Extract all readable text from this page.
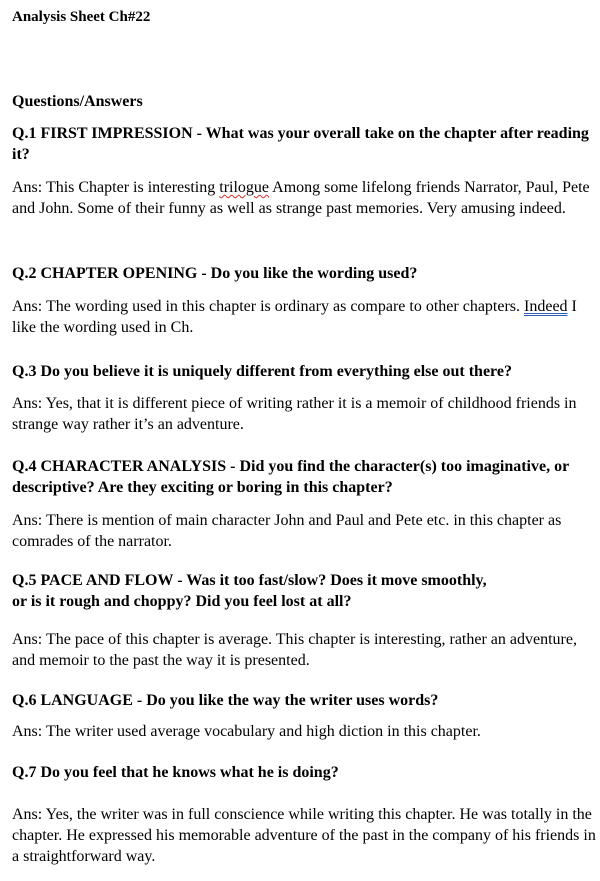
Analysis Sheet Ch#22
Questions/Answers

Q.1 FIRST IMPRESSION - What was your overall take on the chapter after reading it?

Ans: This Chapter is interesting trilogue Among some lifelong friends Narrator, Paul, Pete and John. Some of their funny as well as strange past memories. Very amusing indeed.

Q.2 CHAPTER OPENING - Do you like the wording used?

Ans: The wording used in this chapter is ordinary as compare to other chapters. Indeed I like the wording used in Ch.

Q.3 Do you believe it is uniquely different from everything else out there?

Ans: Yes, that it is different piece of writing rather it is a memoir of childhood friends in strange way rather it’s an adventure.

Q.4 CHARACTER ANALYSIS - Did you find the character(s) too imaginative, or descriptive? Are they exciting or boring in this chapter?

Ans: There is mention of main character John and Paul and Pete etc. in this chapter as comrades of the narrator.

Q.5 PACE AND FLOW - Was it too fast/slow? Does it move smoothly,
or is it rough and choppy? Did you feel lost at all?

Ans: The pace of this chapter is average. This chapter is interesting, rather an adventure, and memoir to the past the way it is presented.

Q.6 LANGUAGE - Do you like the way the writer uses words?

Ans: The writer used average vocabulary and high diction in this chapter.

Q.7 Do you feel that he knows what he is doing?

Ans: Yes, the writer was in full conscience while writing this chapter. He was totally in the chapter. He expressed his memorable adventure of the past in the company of his friends in a straightforward way.
